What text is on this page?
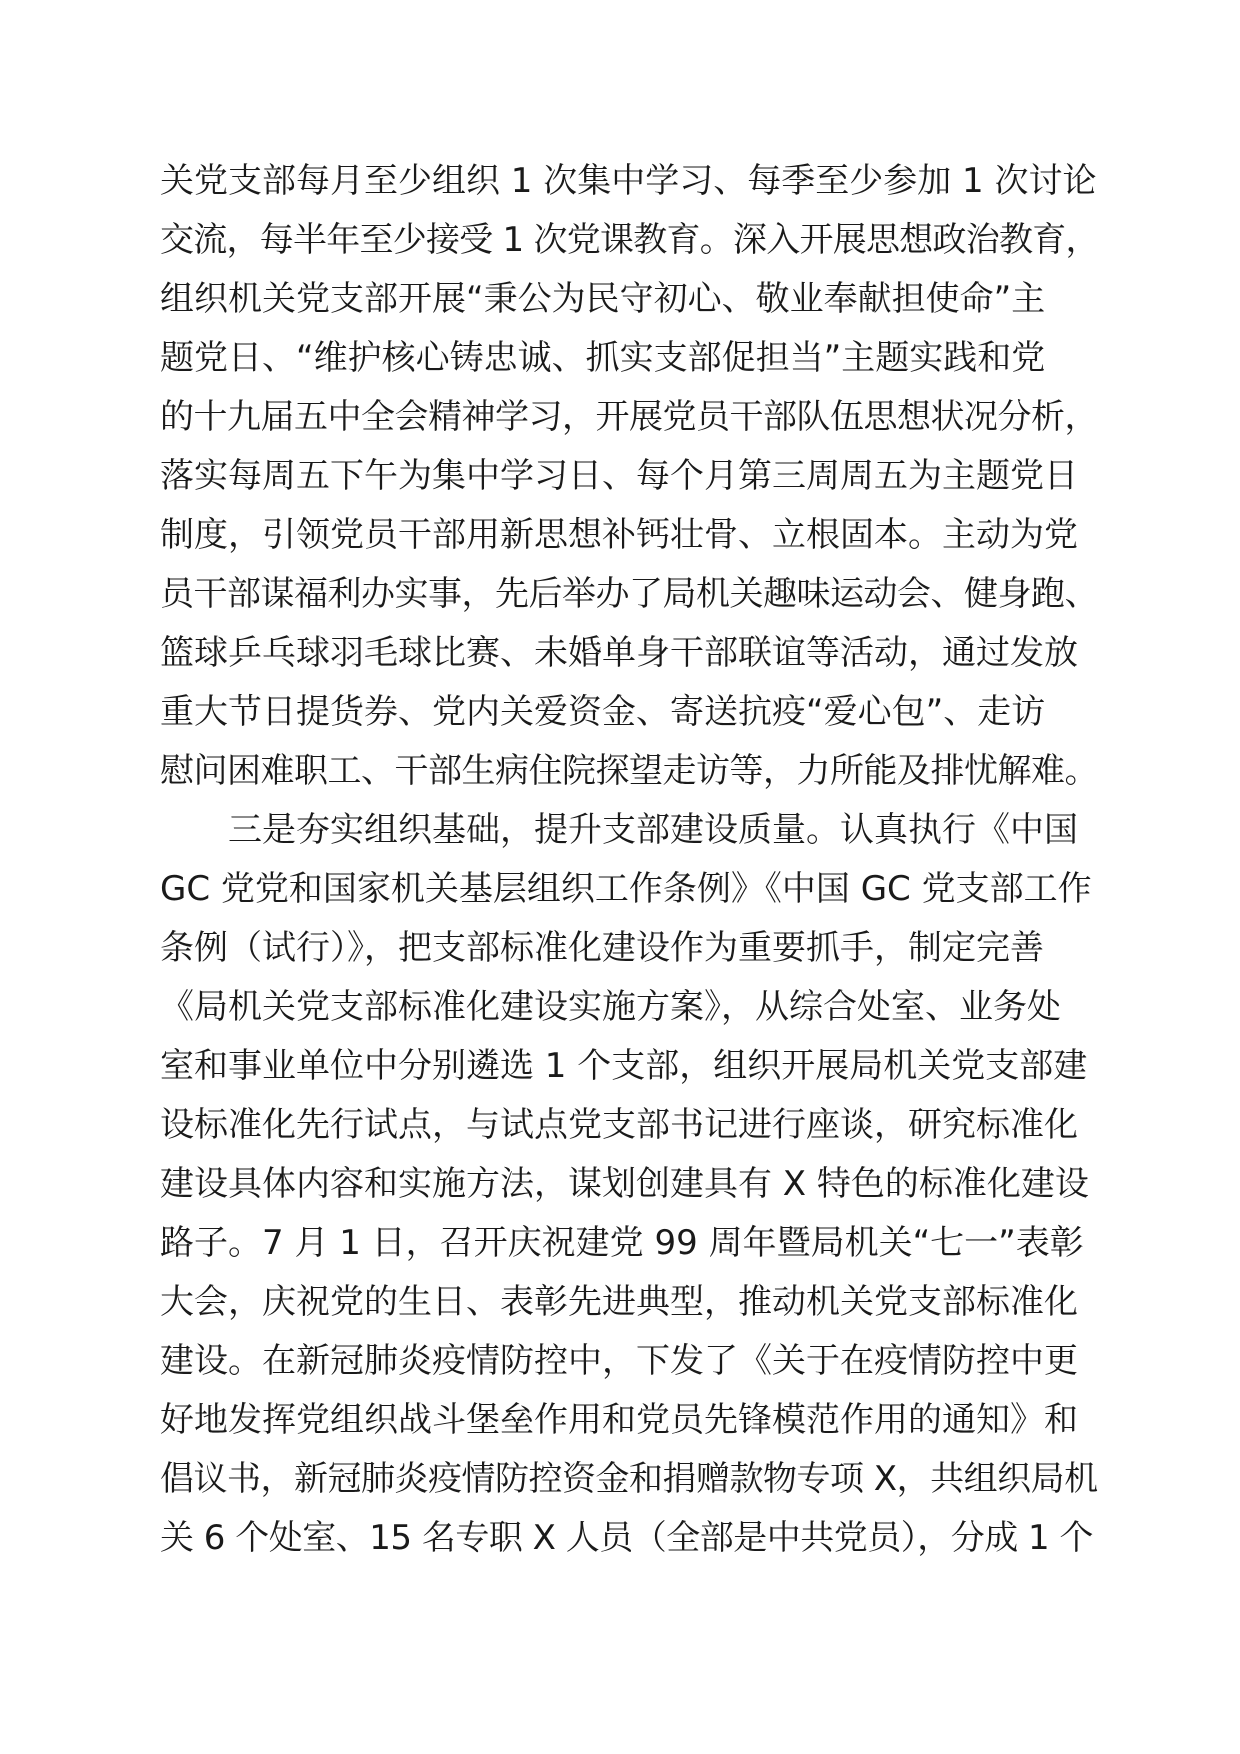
关党支部每月至少组织 1 次集中学习、每季至少参加 1 次讨论
交流，每半年至少接受 1 次党课教育。深入开展思想政治教育，
组织机关党支部开展“秉公为民守初心、敬业奉献担使命”主
题党日、“维护核心铸忠诚、抓实支部促担当”主题实践和党
的十九届五中全会精神学习，开展党员干部队伍思想状况分析，
落实每周五下午为集中学习日、每个月第三周周五为主题党日
制度，引领党员干部用新思想补钙壮骨、立根固本。主动为党
员干部谋福利办实事，先后举办了局机关趣味运动会、健身跑、
篮球乒乓球羽毛球比赛、未婚单身干部联谊等活动，通过发放
重大节日提货券、党内关爱资金、寄送抗疫“爱心包”、走访
慰问困难职工、干部生病住院探望走访等，力所能及排忧解难。
三是夯实组织基础，提升支部建设质量。认真执行《中国
GC 党党和国家机关基层组织工作条例》《中国 GC 党支部工作
条例（试行）》，把支部标准化建设作为重要抓手，制定完善
《局机关党支部标准化建设实施方案》，从综合处室、业务处
室和事业单位中分别遴选 1 个支部，组织开展局机关党支部建
设标准化先行试点，与试点党支部书记进行座谈，研究标准化
建设具体内容和实施方法，谋划创建具有 X 特色的标准化建设
路子。7 月 1 日，召开庆祝建党 99 周年暨局机关“七一”表彰
大会，庆祝党的生日、表彰先进典型，推动机关党支部标准化
建设。在新冠肺炎疫情防控中，下发了《关于在疫情防控中更
好地发挥党组织战斗堡垒作用和党员先锋模范作用的通知》和
倡议书，新冠肺炎疫情防控资金和捐赠款物专项 X，共组织局机
关 6 个处室、15 名专职 X 人员（全部是中共党员），分成 1 个
